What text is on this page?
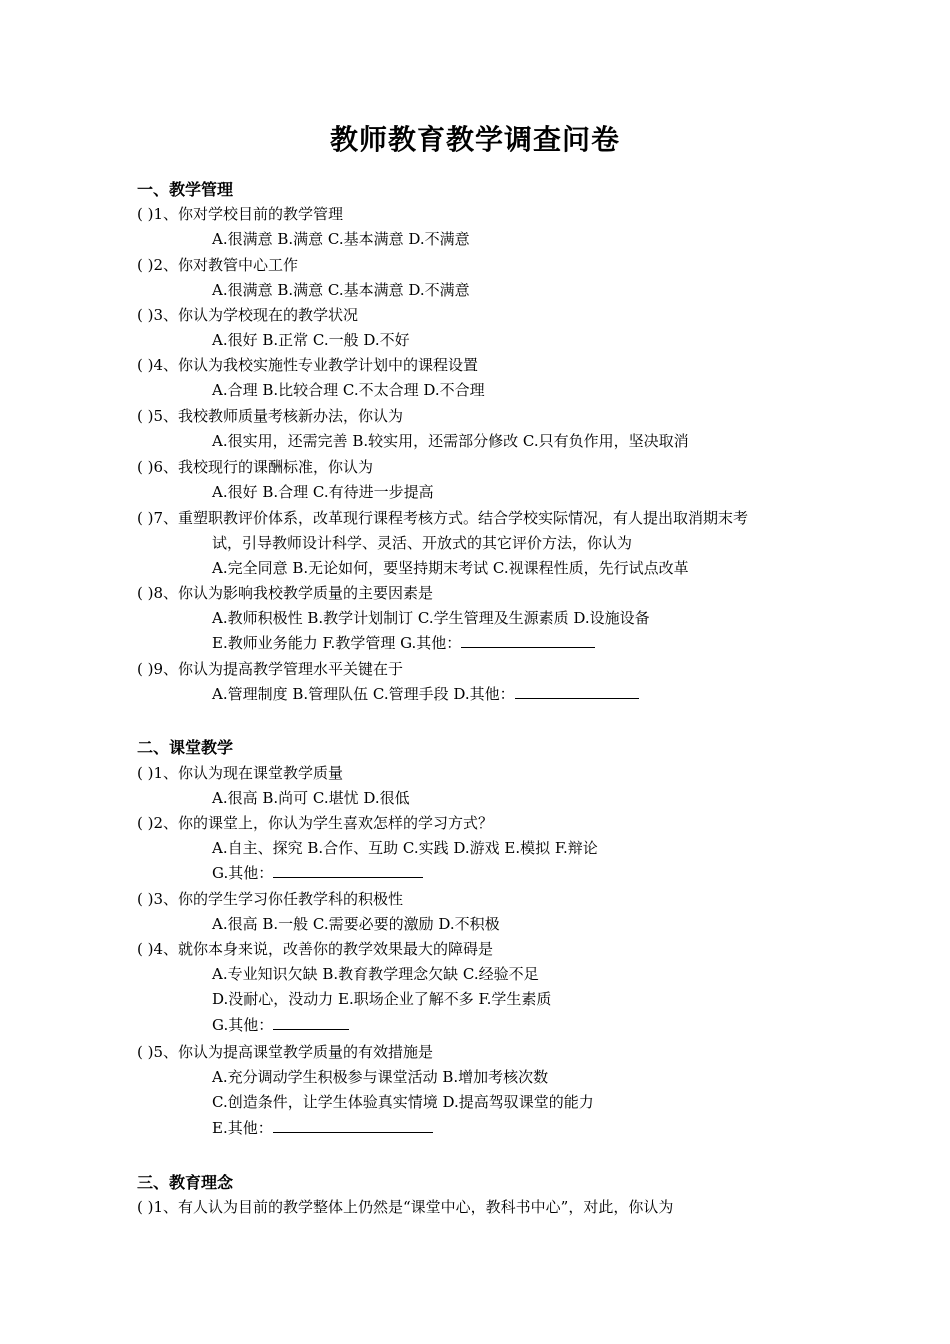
教师教育教学调查问卷
一、教学管理
( )1、你对学校目前的教学管理
A.很满意 B.满意 C.基本满意 D.不满意
( )2、你对教管中心工作
A.很满意 B.满意 C.基本满意 D.不满意
( )3、你认为学校现在的教学状况
A.很好 B.正常 C.一般 D.不好
( )4、你认为我校实施性专业教学计划中的课程设置
A.合理 B.比较合理 C.不太合理 D.不合理
( )5、我校教师质量考核新办法，你认为
A.很实用，还需完善 B.较实用，还需部分修改 C.只有负作用，坚决取消
( )6、我校现行的课酬标准，你认为
A.很好 B.合理 C.有待进一步提高
( )7、重塑职教评价体系，改革现行课程考核方式。结合学校实际情况，有人提出取消期末考
试，引导教师设计科学、灵活、开放式的其它评价方法，你认为
A.完全同意 B.无论如何，要坚持期末考试 C.视课程性质，先行试点改革
( )8、你认为影响我校教学质量的主要因素是
A.教师积极性 B.教学计划制订 C.学生管理及生源素质 D.设施设备
E.教师业务能力 F.教学管理 G.其他：
( )9、你认为提高教学管理水平关键在于
A.管理制度 B.管理队伍 C.管理手段 D.其他：
二、课堂教学
( )1、你认为现在课堂教学质量
A.很高 B.尚可 C.堪忧 D.很低
( )2、你的课堂上，你认为学生喜欢怎样的学习方式？
A.自主、探究 B.合作、互助 C.实践 D.游戏 E.模拟 F.辩论
G.其他：
( )3、你的学生学习你任教学科的积极性
A.很高 B.一般 C.需要必要的激励 D.不积极
( )4、就你本身来说，改善你的教学效果最大的障碍是
A.专业知识欠缺 B.教育教学理念欠缺 C.经验不足
D.没耐心，没动力 E.职场企业了解不多 F.学生素质
G.其他：
( )5、你认为提高课堂教学质量的有效措施是
A.充分调动学生积极参与课堂活动 B.增加考核次数
C.创造条件，让学生体验真实情境 D.提高驾驭课堂的能力
E.其他：
三、教育理念
( )1、有人认为目前的教学整体上仍然是“课堂中心，教科书中心”，对此，你认为
